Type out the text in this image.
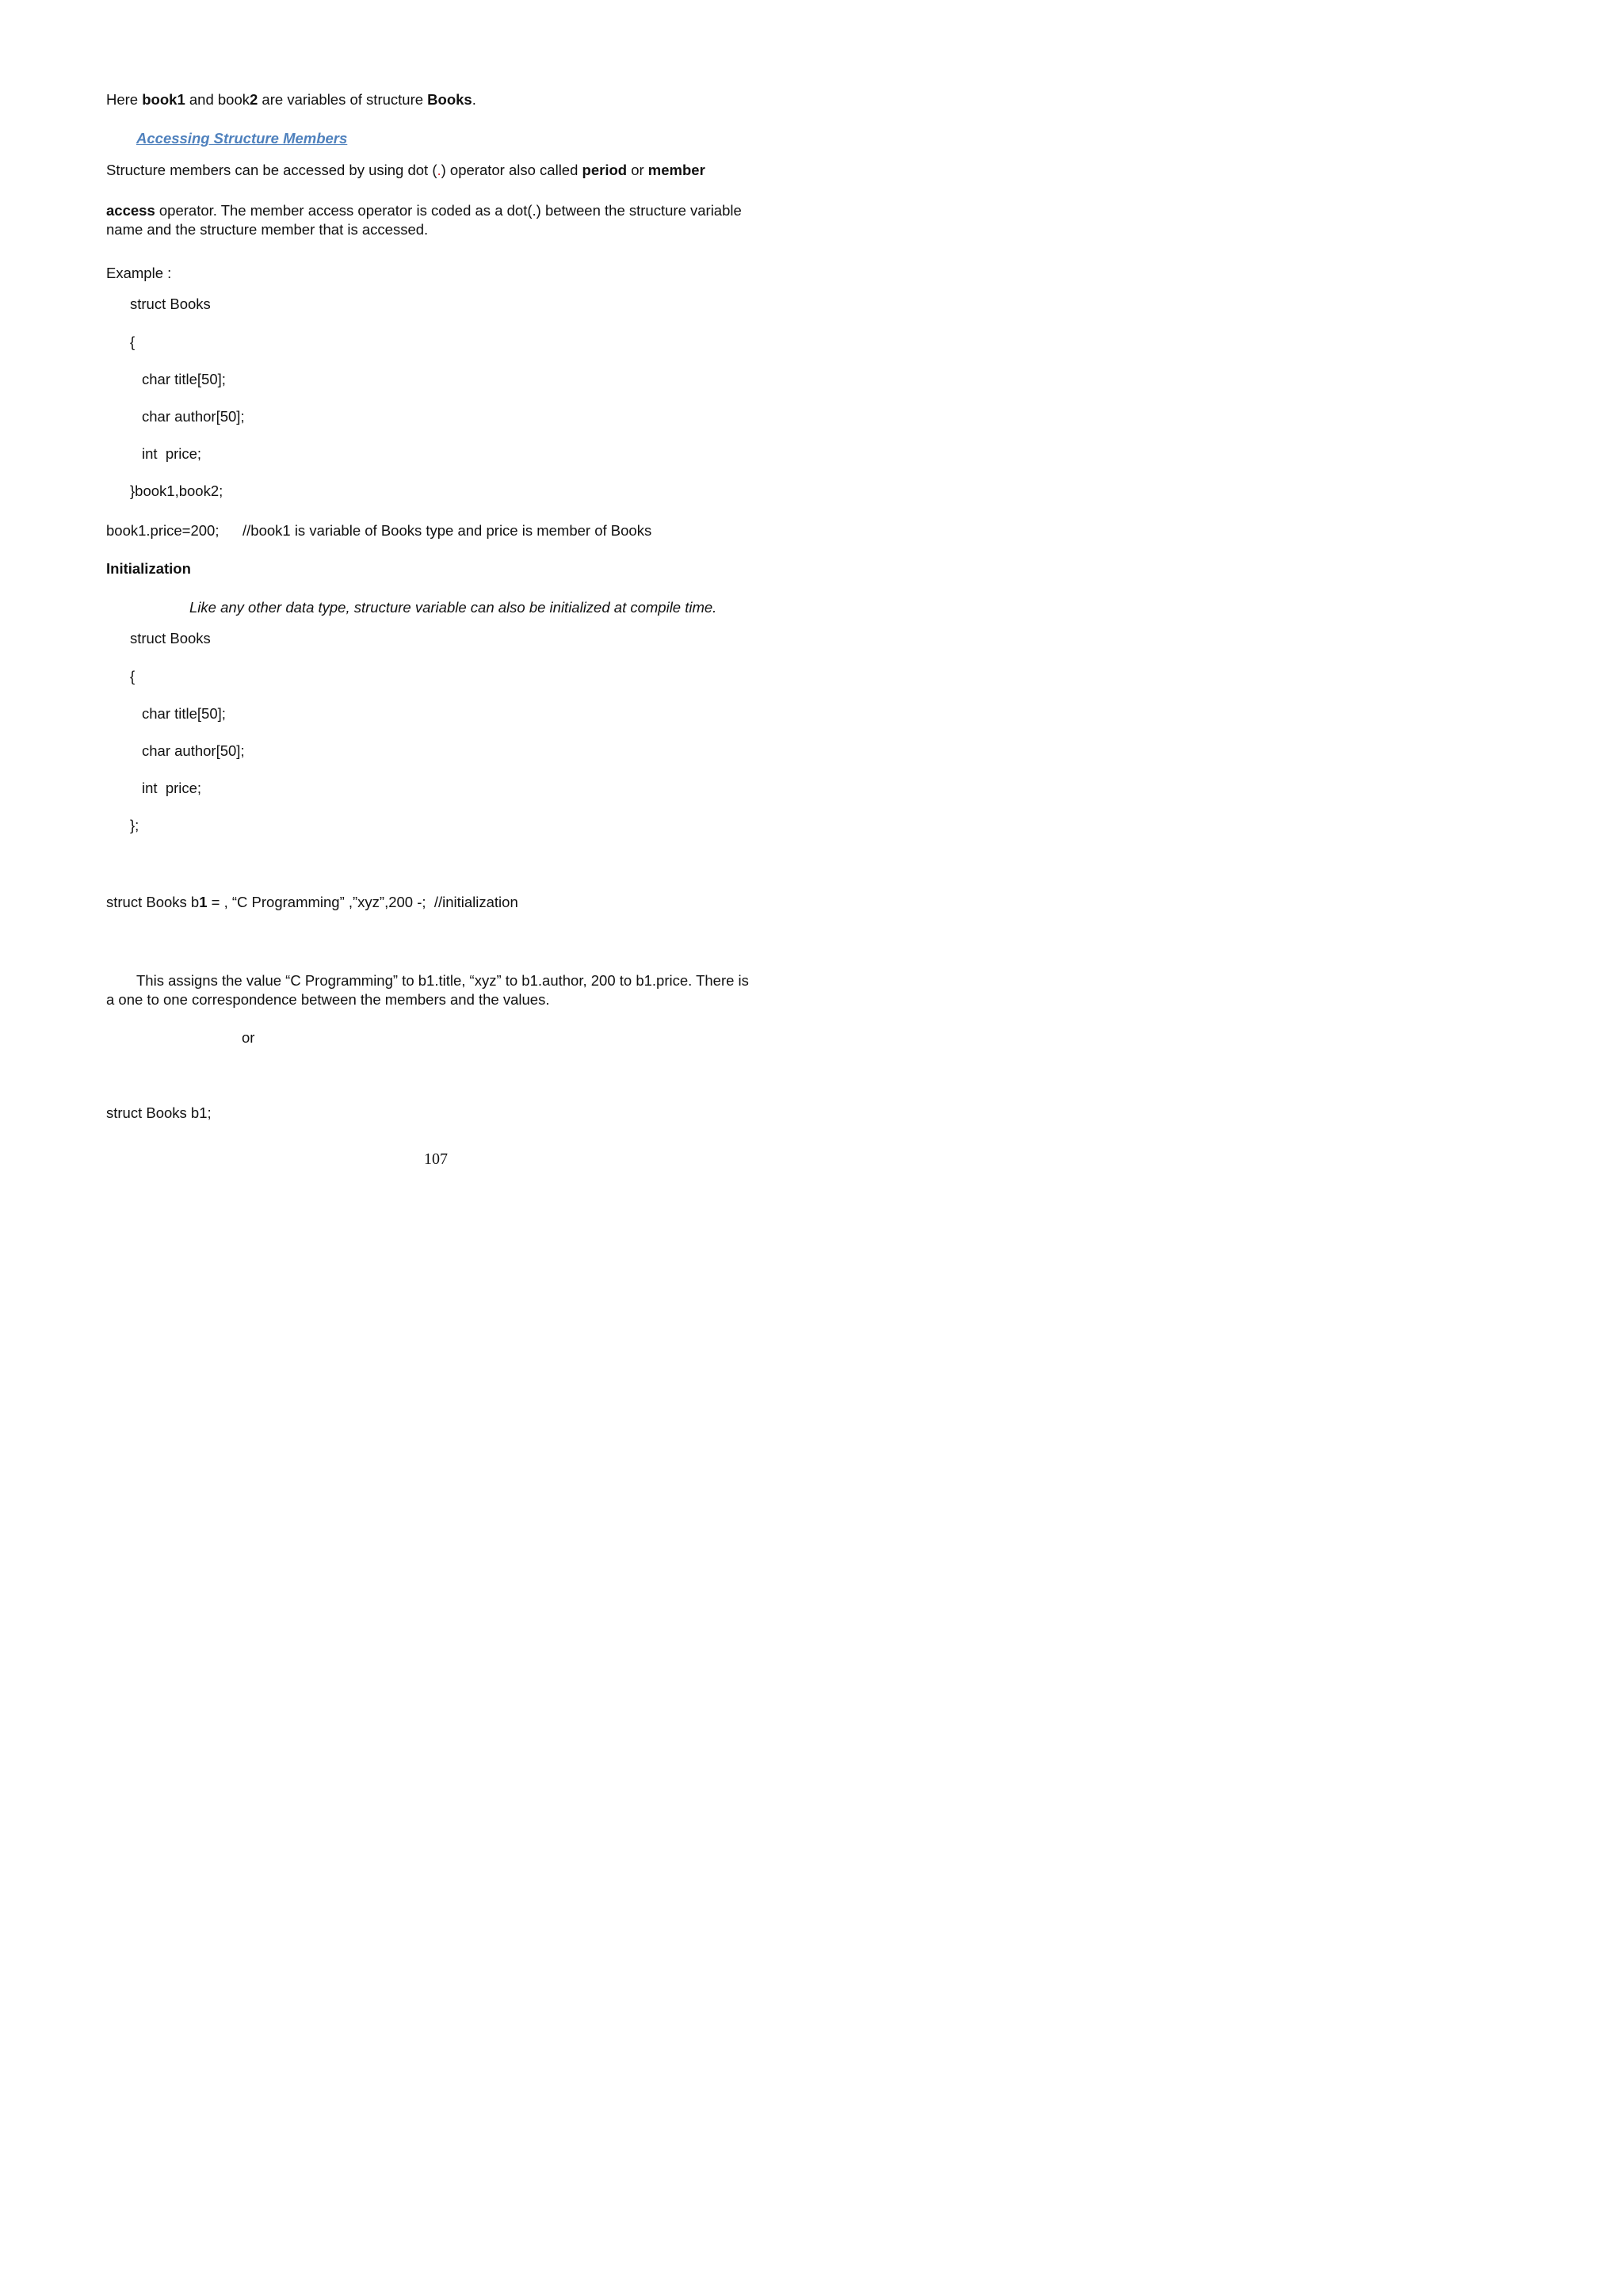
Here book1 and book2 are variables of structure Books.
Accessing Structure Members
Structure members can be accessed by using dot (.) operator also called period or member
access operator. The member access operator is coded as a dot(.) between the structure variable
name and the structure member that is accessed.
Example :
struct Books
{
char title[50];
char author[50];
int  price;
}book1,book2;
book1.price=200; //book1 is variable of Books type and price is member of Books
Initialization
Like any other data type, structure variable can also be initialized at compile time.
struct Books
{
char title[50];
char author[50];
int  price;
};
struct Books b1 = , “C Programming” ,”xyz”,200 -;  //initialization
This assigns the value “C Programming” to b1.title, “xyz” to b1.author, 200 to b1.price. There is
a one to one correspondence between the members and the values.
or
struct Books b1;
107
